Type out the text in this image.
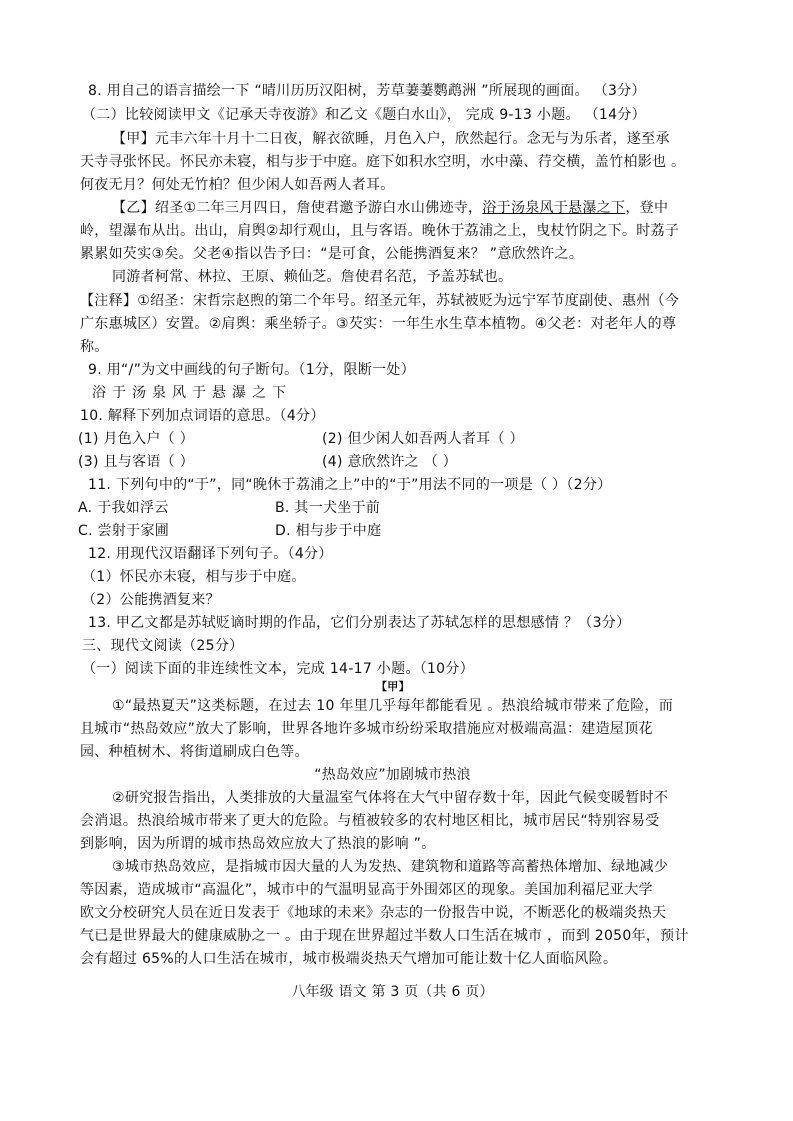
8. 用自己的语言描绘一下 “晴川历历汉阳树，芳草萋萋鹦鹉洲 ”所展现的画面。 （3分）
（二）比较阅读甲文《记承天寺夜游》和乙文《题白水山》， 完成 9-13 小题。 （14分）
【甲】元丰六年十月十二日夜，解衣欲睡，月色入户，欣然起行。念无与为乐者，遂至承
天寺寻张怀民。怀民亦未寝，相与步于中庭。庭下如积水空明，水中藻、荇交横，盖竹柏影也 。
何夜无月？何处无竹柏？但少闲人如吾两人者耳。
【乙】绍圣①二年三月四日，詹使君邀予游白水山佛迹寺，浴于汤泉风于悬瀑之下，登中
岭，望瀑布从出。出山，肩舆②却行观山，且与客语。晚休于荔浦之上，曳杖竹阴之下。时荔子
累累如芡实③矣。父老④指以告予曰：“是可食，公能携酒复来？ ”意欣然许之。
同游者柯常、林拉、王原、赖仙芝。詹使君名范，予盖苏轼也。
【注释】①绍圣：宋哲宗赵煦的第二个年号。绍圣元年，苏轼被贬为远宁军节度副使、惠州（今
广东惠城区）安置。②肩舆：乘坐轿子。③芡实：一年生水生草本植物。④父老：对老年人的尊
称。
9. 用“/”为文中画线的句子断句。（1分，限断一处）
浴于汤泉风于悬瀑之下
10. 解释下列加点词语的意思。（4分）
(1) 月色入户（ ）	(2) 但少闲人如吾两人者耳（ ）
(3) 且与客语（ ）	(4) 意欣然许之 （ ）
11. 下列句中的“于”，同“晚休于荔浦之上”中的“于”用法不同的一项是（ ）（2分）
A. 于我如浮云	B. 其一犬坐于前
C. 尝射于家圃	D. 相与步于中庭
12. 用现代汉语翻译下列句子。（4分）
（1）怀民亦未寝，相与步于中庭。
（2）公能携酒复来？
13. 甲乙文都是苏轼贬谪时期的作品，它们分别表达了苏轼怎样的思想感情 ？（3分）
三、现代文阅读（25分）
（一）阅读下面的非连续性文本，完成 14-17 小题。（10分）
【甲】
①“最热夏天”这类标题，在过去 10 年里几乎每年都能看见 。热浪给城市带来了危险，而
且城市“热岛效应”放大了影响，世界各地许多城市纷纷采取措施应对极端高温：建造屋顶花
园、种植树木、将街道刷成白色等。
“热岛效应”加剧城市热浪
②研究报告指出，人类排放的大量温室气体将在大气中留存数十年，因此气候变暖暂时不
会消退。热浪给城市带来了更大的危险。与植被较多的农村地区相比，城市居民“特别容易受
到影响，因为所谓的城市热岛效应放大了热浪的影响 ”。
③城市热岛效应，是指城市因大量的人为发热、建筑物和道路等高蓄热体增加、绿地减少
等因素，造成城市“高温化”，城市中的气温明显高于外围郊区的现象。美国加利福尼亚大学
欧文分校研究人员在近日发表于《地球的未来》杂志的一份报告中说，不断恶化的极端炎热天
气已是世界最大的健康威胁之一 。由于现在世界超过半数人口生活在城市 ，而到 2050年，预计
会有超过 65%的人口生活在城市，城市极端炎热天气增加可能让数十亿人面临风险。
八年级 语文 第 3 页（共 6 页）
